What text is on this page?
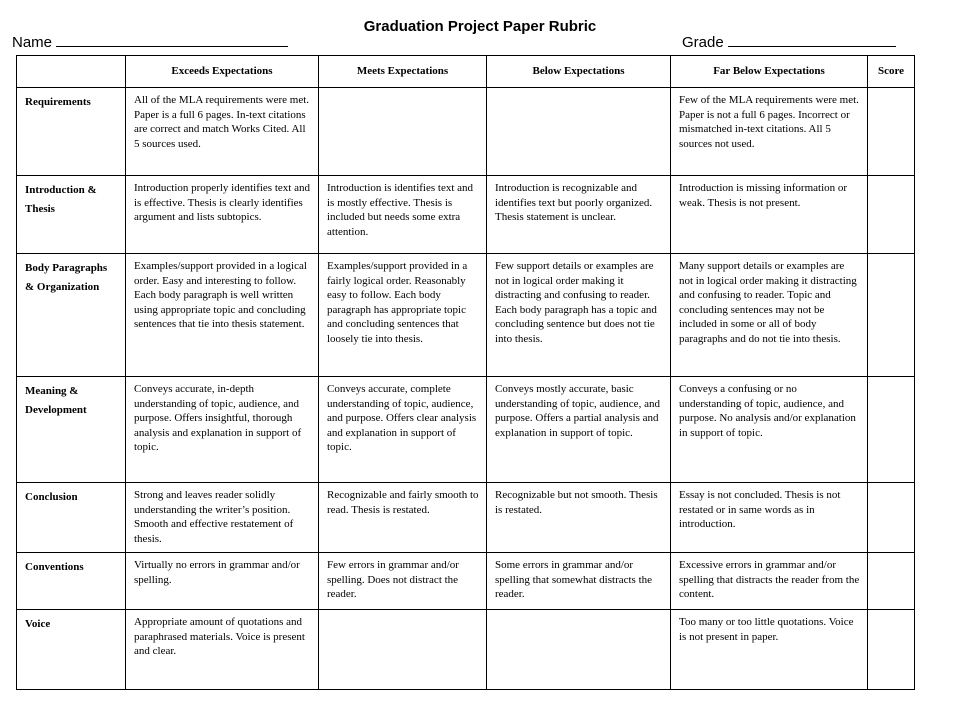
Graduation Project Paper Rubric
Name	Grade
	Exceeds Expectations	Meets Expectations	Below Expectations	Far Below Expectations	Score
Requirements	All of the MLA requirements were met. Paper is a full 6 pages. In-text citations are correct and match Works Cited. All 5 sources used.			Few of the MLA requirements were met. Paper is not a full 6 pages. Incorrect or mismatched in-text citations. All 5 sources not used.	
Introduction & Thesis	Introduction properly identifies text and is effective. Thesis is clearly identifies argument and lists subtopics.	Introduction is identifies text and is mostly effective. Thesis is included but needs some extra attention.	Introduction is recognizable and identifies text but poorly organized. Thesis statement is unclear.	Introduction is missing information or weak. Thesis is not present.	
Body Paragraphs & Organization	Examples/support provided in a logical order. Easy and interesting to follow. Each body paragraph is well written using appropriate topic and concluding sentences that tie into thesis statement.	Examples/support provided in a fairly logical order. Reasonably easy to follow. Each body paragraph has appropriate topic and concluding sentences that loosely tie into thesis.	Few support details or examples are not in logical order making it distracting and confusing to reader. Each body paragraph has a topic and concluding sentence but does not tie into thesis.	Many support details or examples are not in logical order making it distracting and confusing to reader. Topic and concluding sentences may not be included in some or all of body paragraphs and do not tie into thesis.	
Meaning & Development	Conveys accurate, in-depth understanding of topic, audience, and purpose. Offers insightful, thorough analysis and explanation in support of topic.	Conveys accurate, complete understanding of topic, audience, and purpose. Offers clear analysis and explanation in support of topic.	Conveys mostly accurate, basic understanding of topic, audience, and purpose. Offers a partial analysis and explanation in support of topic.	Conveys a confusing or no understanding of topic, audience, and purpose. No analysis and/or explanation in support of topic.	
Conclusion	Strong and leaves reader solidly understanding the writer’s position. Smooth and effective restatement of thesis.	Recognizable and fairly smooth to read. Thesis is restated.	Recognizable but not smooth. Thesis is restated.	Essay is not concluded. Thesis is not restated or in same words as in introduction.	
Conventions	Virtually no errors in grammar and/or spelling.	Few errors in grammar and/or spelling. Does not distract the reader.	Some errors in grammar and/or spelling that somewhat distracts the reader.	Excessive errors in grammar and/or spelling that distracts the reader from the content.	
Voice	Appropriate amount of quotations and paraphrased materials. Voice is present and clear.			Too many or too little quotations. Voice is not present in paper.	
